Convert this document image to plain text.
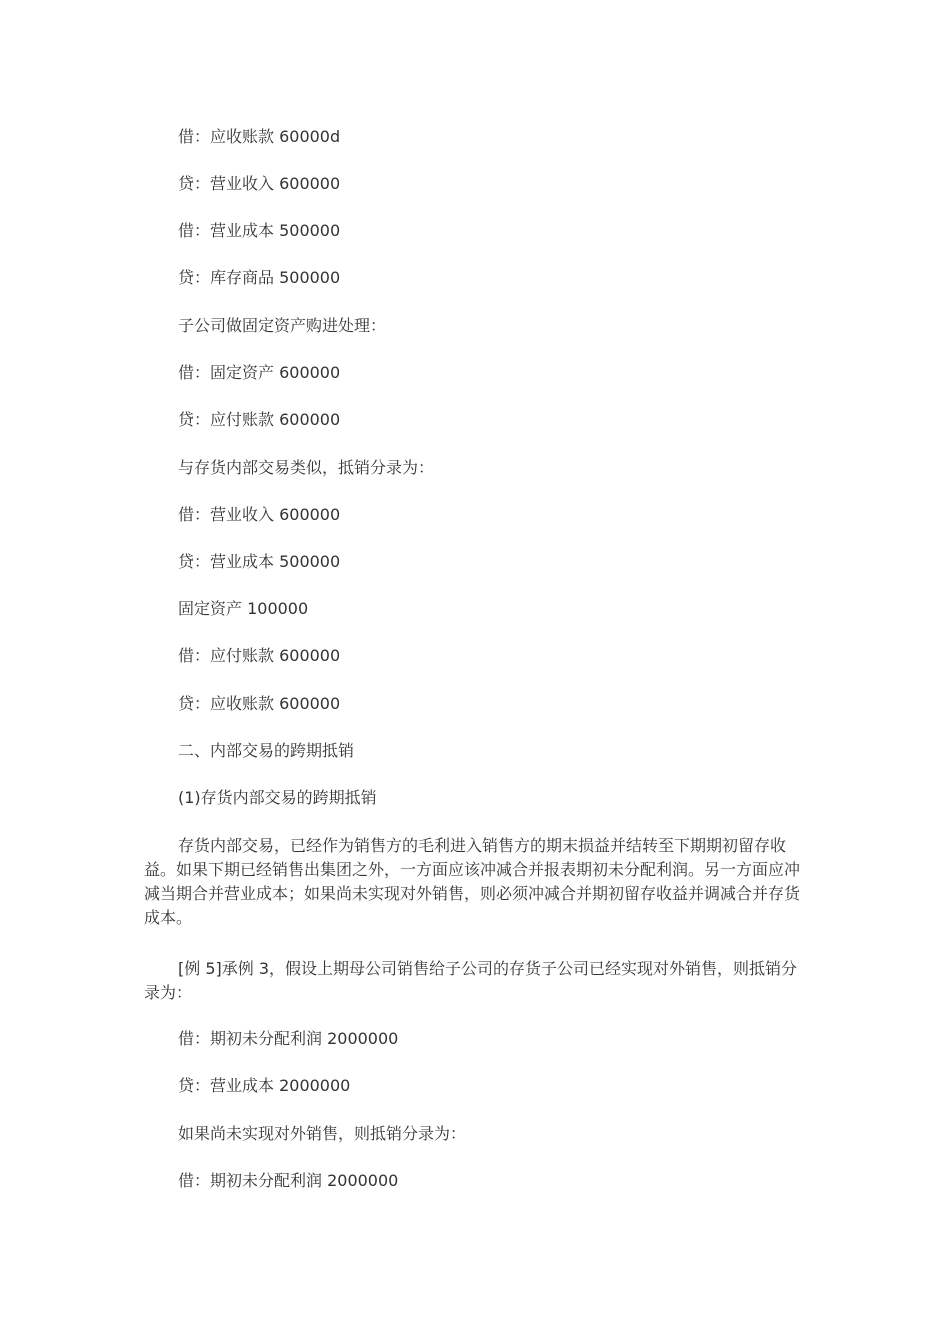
借：应收账款 60000d
贷：营业收入 600000
借：营业成本 500000
贷：库存商品 500000
子公司做固定资产购进处理：
借：固定资产 600000
贷：应付账款 600000
与存货内部交易类似，抵销分录为：
借：营业收入 600000
贷：营业成本 500000
固定资产 100000
借：应付账款 600000
贷：应收账款 600000
二、内部交易的跨期抵销
(1)存货内部交易的跨期抵销
存货内部交易，已经作为销售方的毛利进入销售方的期末损益并结转至下期期初留存收益。如果下期已经销售出集团之外，一方面应该冲减合并报表期初未分配利润。另一方面应冲减当期合并营业成本；如果尚未实现对外销售，则必须冲减合并期初留存收益并调减合并存货成本。
[例 5]承例 3，假设上期母公司销售给子公司的存货子公司已经实现对外销售，则抵销分录为：
借：期初未分配利润 2000000
贷：营业成本 2000000
如果尚未实现对外销售，则抵销分录为：
借：期初未分配利润 2000000
